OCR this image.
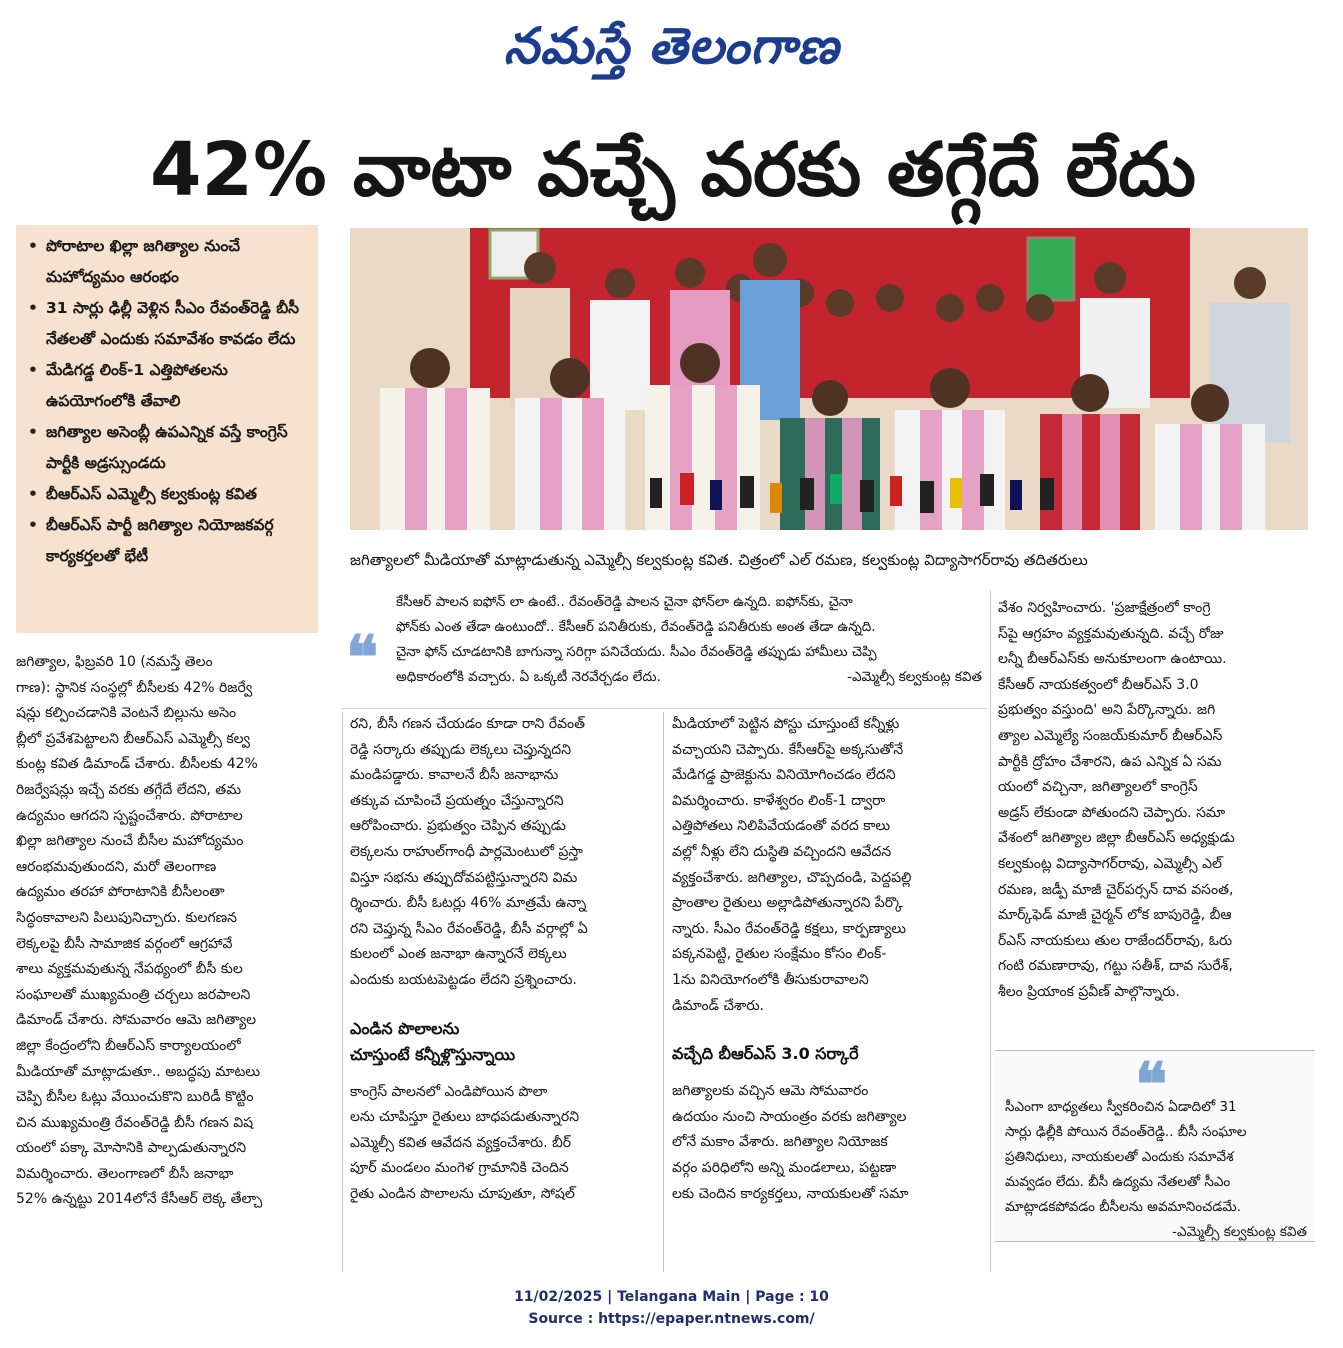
నమస్తే తెలంగాణ
42% వాటా వచ్చే వరకు తగ్గేదే లేదు
• పోరాటాల ఖిల్లా జగిత్యాల నుంచే మహోద్యమం ఆరంభం
• 31 సార్లు ఢిల్లీ వెళ్లిన సీఎం రేవంత్‌రెడ్డి బీసీ నేతలతో ఎందుకు సమావేశం కావడం లేదు
• మేడిగడ్డ లింక్‌-1 ఎత్తిపోతలను ఉపయోగంలోకి తేవాలి
• జగిత్యాల అసెంబ్లీ ఉపఎన్నిక వస్తే కాంగ్రెస్‌ పార్టీకి అడ్రస్సుండదు
• బీఆర్‌ఎస్‌ ఎమ్మెల్సీ కల్వకుంట్ల కవిత
• బీఆర్‌ఎస్‌ పార్టీ జగిత్యాల నియోజకవర్గ కార్యకర్తలతో భేటీ	జగిత్యాలలో మీడియాతో మాట్లాడుతున్న ఎమ్మెల్సీ కల్వకుంట్ల కవిత. చిత్రంలో ఎల్‌ రమణ, కల్వకుంట్ల విద్యాసాగర్‌రావు తదితరులు
❝
కేసీఆర్‌ పాలన ఐఫోన్‌ లా ఉంటే.. రేవంత్‌రెడ్డి పాలన చైనా ఫోన్‌లా ఉన్నది. ఐఫోన్‌కు, చైనా
ఫోన్‌కు ఎంత తేడా ఉంటుందో.. కేసీఆర్‌ పనితీరుకు, రేవంత్‌రెడ్డి పనితీరుకు అంత తేడా ఉన్నది.
చైనా ఫోన్‌ చూడటానికి బాగున్నా సరిగ్గా పనిచేయదు. సీఎం రేవంత్‌రెడ్డి తప్పుడు హామీలు చెప్పి
అధికారంలోకి వచ్చారు. ఏ ఒక్కటీ నెరవేర్చడం లేదు.	-ఎమ్మెల్సీ కల్వకుంట్ల కవిత
జగిత్యాల, ఫిబ్రవరి 10 (నమస్తే తెలం
గాణ): స్థానిక సంస్థల్లో బీసీలకు 42% రిజర్వే
షన్లు కల్పించడానికి వెంటనే బిల్లును అసెం
బ్లీలో ప్రవేశపెట్టాలని బీఆర్‌ఎస్‌ ఎమ్మెల్సీ కల్వ
కుంట్ల కవిత డిమాండ్‌ చేశారు. బీసీలకు 42%
రిజర్వేషన్లు ఇచ్చే వరకు తగ్గేదే లేదని, తమ
ఉద్యమం ఆగదని స్పష్టంచేశారు. పోరాటాల
ఖిల్లా జగిత్యాల నుంచే బీసీల మహోద్యమం
ఆరంభమవుతుందని, మరో తెలంగాణ
ఉద్యమం తరహా పోరాటానికి బీసీలంతా
సిద్ధంకావాలని పిలుపునిచ్చారు. కులగణన
లెక్కలపై బీసీ సామాజిక వర్గంలో ఆగ్రహావే
శాలు వ్యక్తమవుతున్న నేపథ్యంలో బీసీ కుల
సంఘాలతో ముఖ్యమంత్రి చర్చలు జరపాలని
డిమాండ్‌ చేశారు. సోమవారం ఆమె జగిత్యాల
జిల్లా కేంద్రంలోని బీఆర్‌ఎస్‌ కార్యాలయంలో
మీడియాతో మాట్లాడుతూ.. అబద్ధపు మాటలు
చెప్పి బీసీల ఓట్లు వేయించుకొని బురిడీ కొట్టిం
చిన ముఖ్యమంత్రి రేవంత్‌రెడ్డి బీసీ గణన విష
యంలో పక్కా మోసానికి పాల్పడుతున్నారని
విమర్శించారు. తెలంగాణలో బీసీ జనాభా
52% ఉన్నట్టు 2014లోనే కేసీఆర్‌ లెక్క తేల్చా
రని, బీసీ గణన చేయడం కూడా రాని రేవంత్‌
రెడ్డి సర్కారు తప్పుడు లెక్కలు చెప్తున్నదని
మండిపడ్డారు. కావాలనే బీసీ జనాభాను
తక్కువ చూపించే ప్రయత్నం చేస్తున్నారని
ఆరోపించారు. ప్రభుత్వం చెప్పిన తప్పుడు
లెక్కలను రాహుల్‌గాంధీ పార్లమెంటులో ప్రస్తా
విస్తూ సభను తప్పుదోవపట్టిస్తున్నారని విమ
ర్శించారు. బీసీ ఓటర్లు 46% మాత్రమే ఉన్నా
రని చెప్తున్న సీఎం రేవంత్‌రెడ్డి, బీసీ వర్గాల్లో ఏ
కులంలో ఎంత జనాభా ఉన్నారనే లెక్కలు
ఎందుకు బయటపెట్టడం లేదని ప్రశ్నించారు.
ఎండిన పొలాలను
చూస్తుంటే కన్నీళ్లొస్తున్నాయి
కాంగ్రెస్‌ పాలనలో ఎండిపోయిన పొలా
లను చూపిస్తూ రైతులు బాధపడుతున్నారని
ఎమ్మెల్సీ కవిత ఆవేదన వ్యక్తంచేశారు. బీర్‌
పూర్‌ మండలం మంగెళ గ్రామానికి చెందిన
రైతు ఎండిన పొలాలను చూపుతూ, సోషల్‌
మీడియాలో పెట్టిన పోస్టు చూస్తుంటే కన్నీళ్లు
వచ్చాయని చెప్పారు. కేసీఆర్‌పై అక్కసుతోనే
మేడిగడ్డ ప్రాజెక్టును వినియోగించడం లేదని
విమర్శించారు. కాళేశ్వరం లింక్‌-1 ద్వారా
ఎత్తిపోతలు నిలిపివేయడంతో వరద కాలు
వల్లో నీళ్లు లేని దుస్థితి వచ్చిందని ఆవేదన
వ్యక్తంచేశారు. జగిత్యాల, చొప్పదండి, పెద్దపల్లి
ప్రాంతాల రైతులు అల్లాడిపోతున్నారని పేర్కొ
న్నారు. సీఎం రేవంత్‌రెడ్డి కక్షలు, కార్పణ్యాలు
పక్కనపెట్టి, రైతుల సంక్షేమం కోసం లింక్‌-
1ను వినియోగంలోకి తీసుకురావాలని
డిమాండ్‌ చేశారు.
వచ్చేది బీఆర్‌ఎస్‌ 3.0 సర్కారే
జగిత్యాలకు వచ్చిన ఆమె సోమవారం
ఉదయం నుంచి సాయంత్రం వరకు జగిత్యాల
లోనే మకాం వేశారు. జగిత్యాల నియోజక
వర్గం పరిధిలోని అన్ని మండలాలు, పట్టణా
లకు చెందిన కార్యకర్తలు, నాయకులతో సమా
వేశం నిర్వహించారు. 'ప్రజాక్షేత్రంలో కాంగ్రె
స్‌పై ఆగ్రహం వ్యక్తమవుతున్నది. వచ్చే రోజు
లన్నీ బీఆర్‌ఎస్‌కు అనుకూలంగా ఉంటాయి.
కేసీఆర్‌ నాయకత్వంలో బీఆర్‌ఎస్‌ 3.0
ప్రభుత్వం వస్తుంది' అని పేర్కొన్నారు. జగి
త్యాల ఎమ్మెల్యే సంజయ్‌కుమార్‌ బీఆర్‌ఎస్‌
పార్టీకి ద్రోహం చేశారని, ఉప ఎన్నిక ఏ సమ
యంలో వచ్చినా, జగిత్యాలలో కాంగ్రెస్‌
అడ్రస్‌ లేకుండా పోతుందని చెప్పారు. సమా
వేశంలో జగిత్యాల జిల్లా బీఆర్‌ఎస్‌ అధ్యక్షుడు
కల్వకుంట్ల విద్యాసాగర్‌రావు, ఎమ్మెల్సీ ఎల్‌
రమణ, జడ్పీ మాజీ చైర్‌పర్సన్‌ దావ వసంత,
మార్క్‌ఫెడ్‌ మాజీ చైర్మన్‌ లోక బాపురెడ్డి, బీఆ
ర్‌ఎస్‌ నాయకులు తుల రాజేందర్‌రావు, ఓరు
గంటి రమణారావు, గట్టు సతీశ్‌, దావ సురేశ్‌,
శీలం ప్రియాంక ప్రవీణ్‌ పాల్గొన్నారు.
❝
సీఎంగా బాధ్యతలు స్వీకరించిన ఏడాదిలో 31
సార్లు ఢిల్లీకి పోయిన రేవంత్‌రెడ్డి.. బీసీ సంఘాల
ప్రతినిధులు, నాయకులతో ఎందుకు సమావేశ
మవ్వడం లేదు. బీసీ ఉద్యమ నేతలతో సీఎం
మాట్లాడకపోవడం బీసీలను అవమానించడమే.
-ఎమ్మెల్సీ కల్వకుంట్ల కవిత
11/02/2025 | Telangana Main | Page : 10
Source : https://epaper.ntnews.com/
